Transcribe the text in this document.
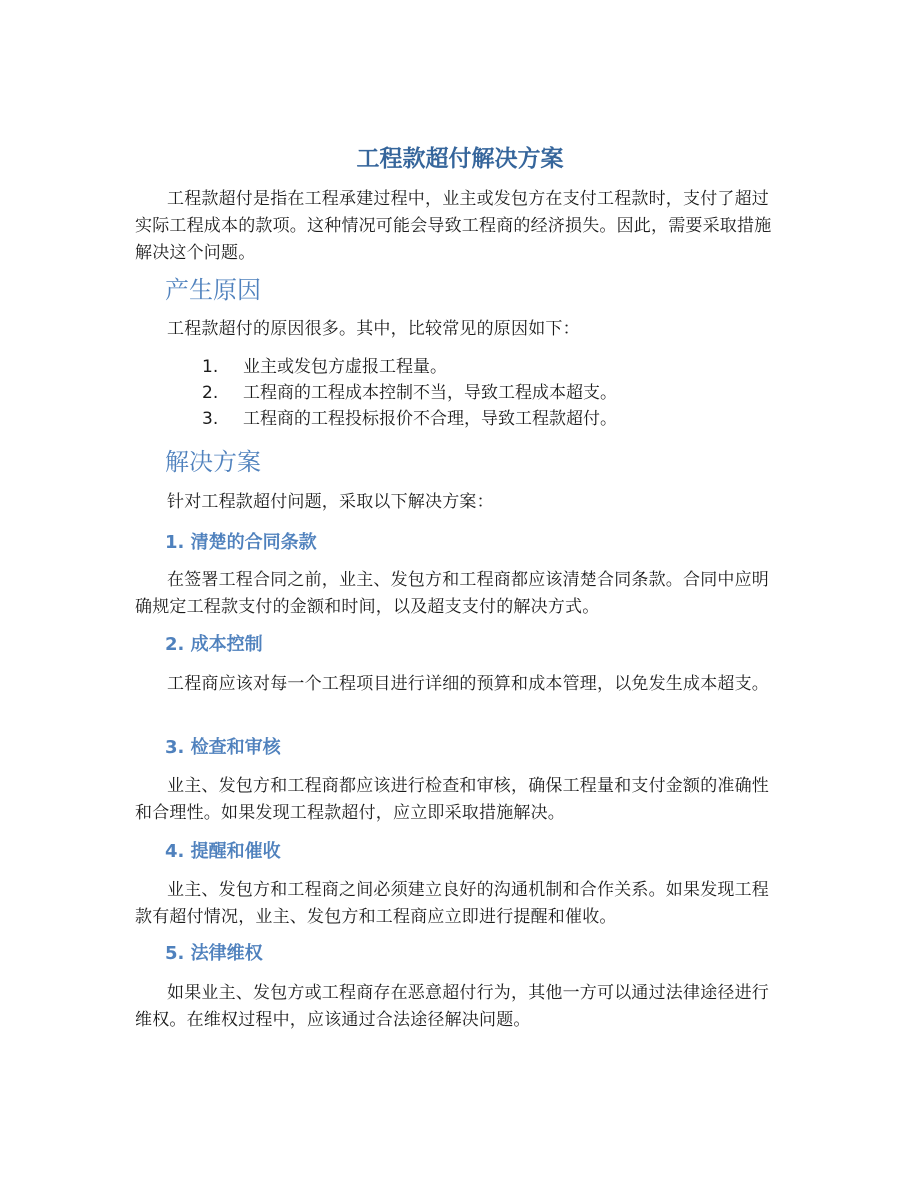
工程款超付解决方案

工程款超付是指在工程承建过程中，业主或发包方在支付工程款时，支付了超过实际工程成本的款项。这种情况可能会导致工程商的经济损失。因此，需要采取措施解决这个问题。

产生原因

工程款超付的原因很多。其中，比较常见的原因如下：

1. 业主或发包方虚报工程量。
2. 工程商的工程成本控制不当，导致工程成本超支。
3. 工程商的工程投标报价不合理，导致工程款超付。
解决方案

针对工程款超付问题，采取以下解决方案：

1. 清楚的合同条款

在签署工程合同之前，业主、发包方和工程商都应该清楚合同条款。合同中应明确规定工程款支付的金额和时间，以及超支支付的解决方式。

2. 成本控制

工程商应该对每一个工程项目进行详细的预算和成本管理，以免发生成本超支。

3. 检查和审核

业主、发包方和工程商都应该进行检查和审核，确保工程量和支付金额的准确性和合理性。如果发现工程款超付，应立即采取措施解决。

4. 提醒和催收

业主、发包方和工程商之间必须建立良好的沟通机制和合作关系。如果发现工程款有超付情况，业主、发包方和工程商应立即进行提醒和催收。

5. 法律维权

如果业主、发包方或工程商存在恶意超付行为，其他一方可以通过法律途径进行维权。在维权过程中，应该通过合法途径解决问题。
